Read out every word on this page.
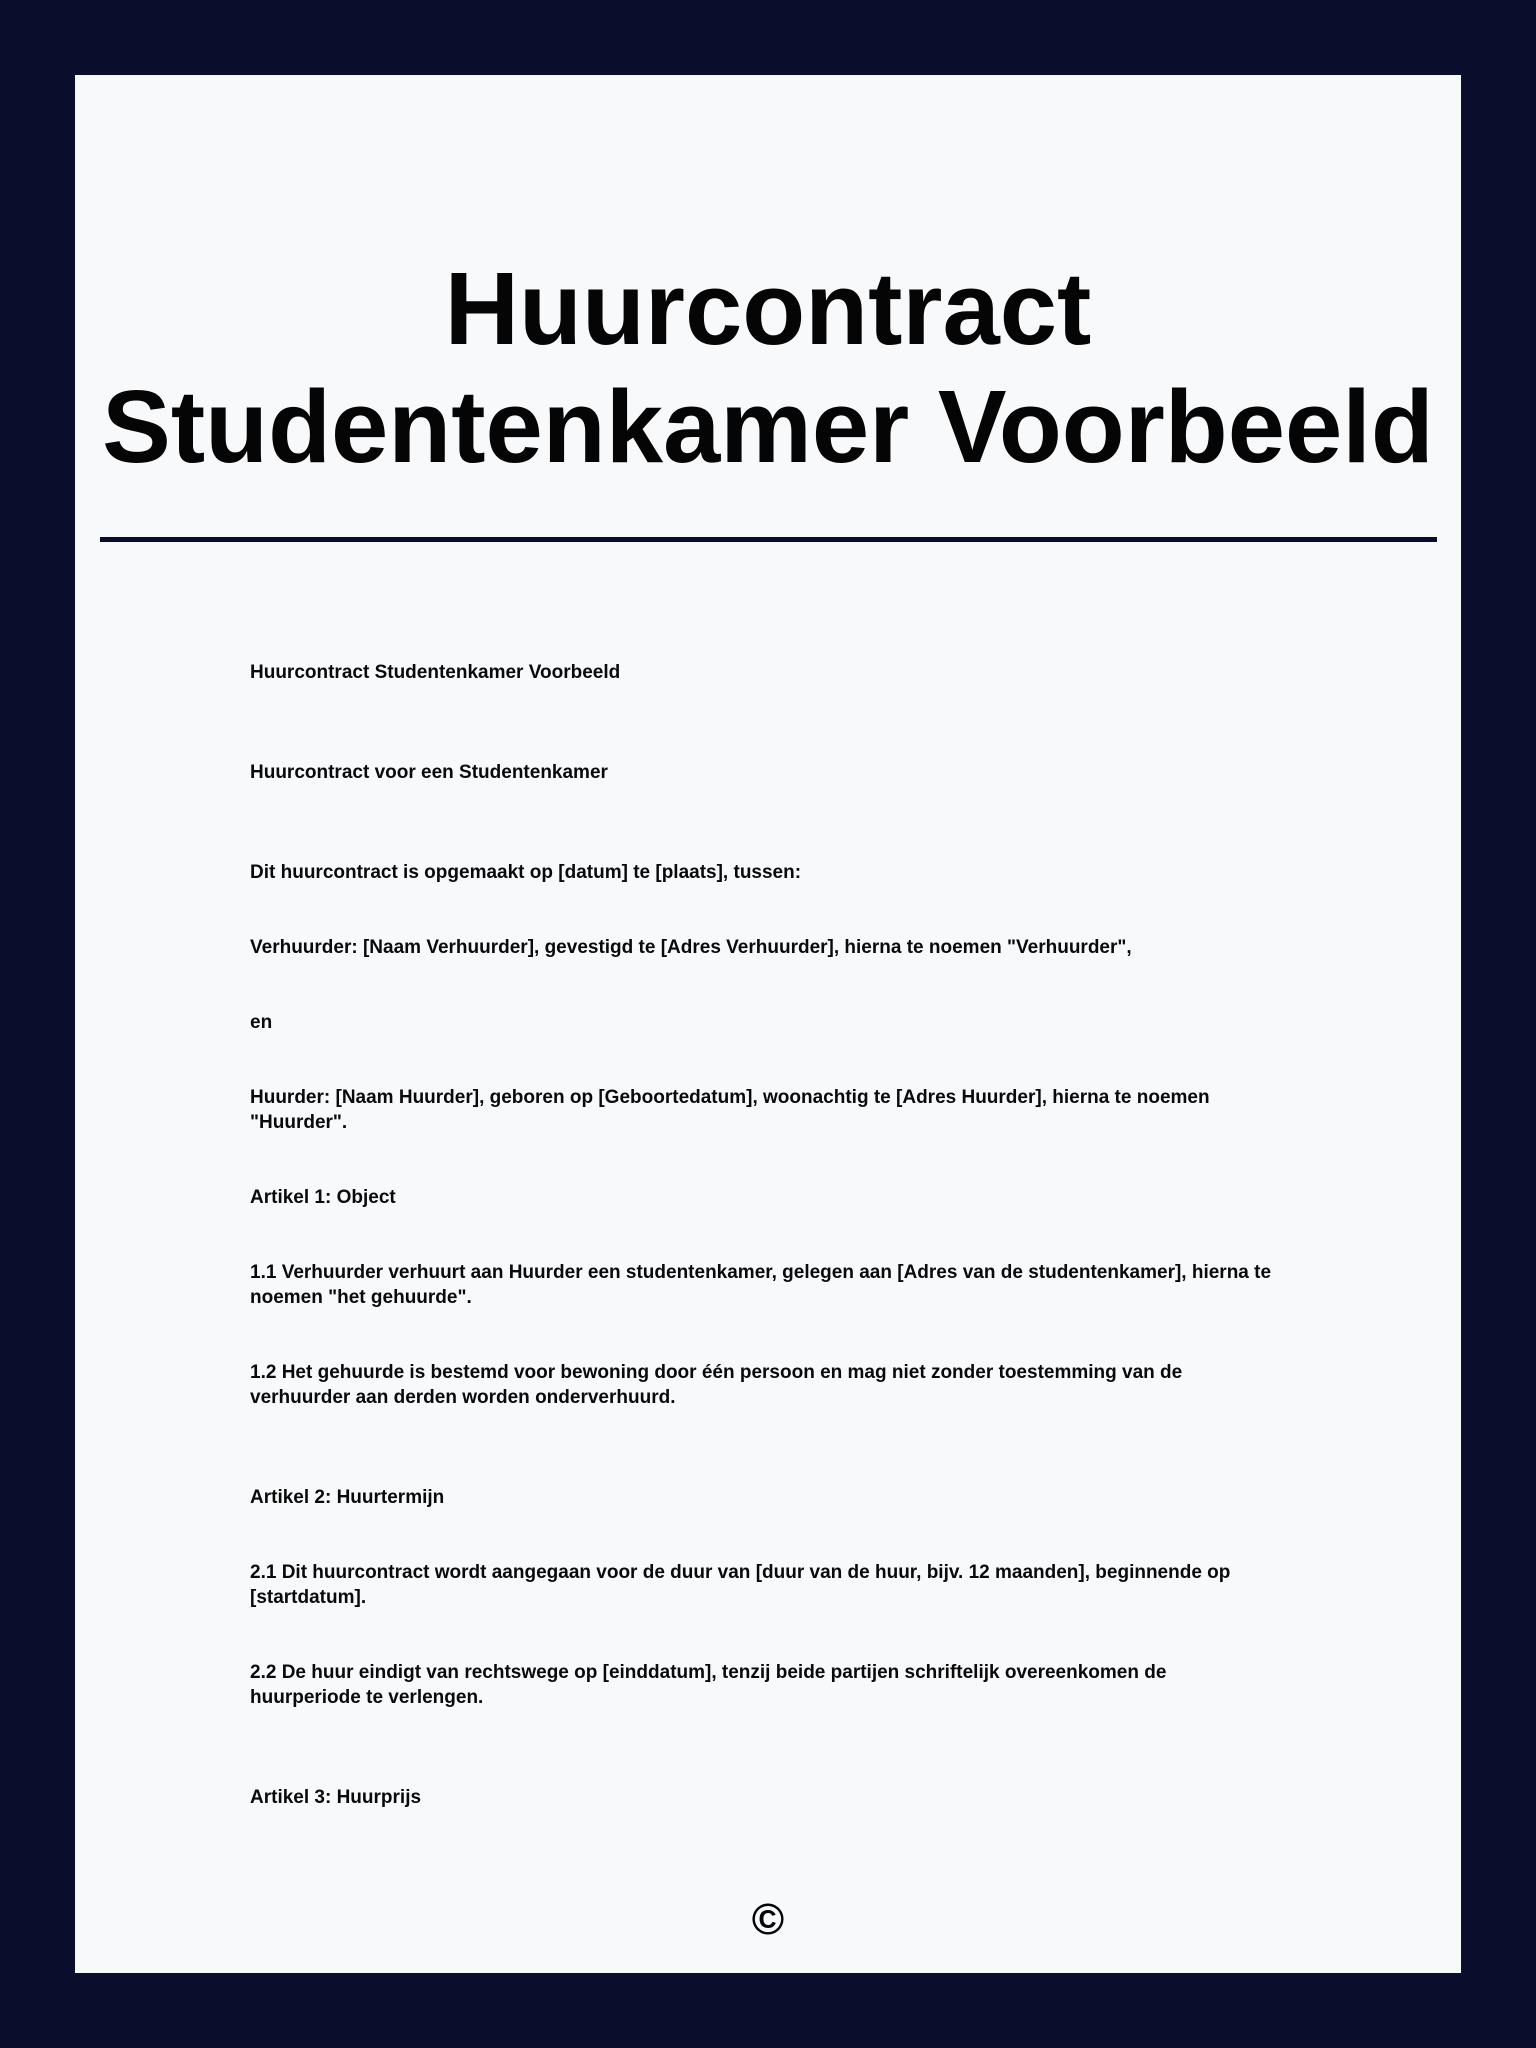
Huurcontract Studentenkamer Voorbeeld

Huurcontract Studentenkamer Voorbeeld

Huurcontract voor een Studentenkamer

Dit huurcontract is opgemaakt op [datum] te [plaats], tussen:

Verhuurder: [Naam Verhuurder], gevestigd te [Adres Verhuurder], hierna te noemen "Verhuurder",

en

Huurder: [Naam Huurder], geboren op [Geboortedatum], woonachtig te [Adres Huurder], hierna te noemen "Huurder".

Artikel 1: Object

1.1 Verhuurder verhuurt aan Huurder een studentenkamer, gelegen aan [Adres van de studentenkamer], hierna te noemen "het gehuurde".

1.2 Het gehuurde is bestemd voor bewoning door één persoon en mag niet zonder toestemming van de verhuurder aan derden worden onderverhuurd.

Artikel 2: Huurtermijn

2.1 Dit huurcontract wordt aangegaan voor de duur van [duur van de huur, bijv. 12 maanden], beginnende op [startdatum].

2.2 De huur eindigt van rechtswege op [einddatum], tenzij beide partijen schriftelijk overeenkomen de huurperiode te verlengen.

Artikel 3: Huurprijs

©
